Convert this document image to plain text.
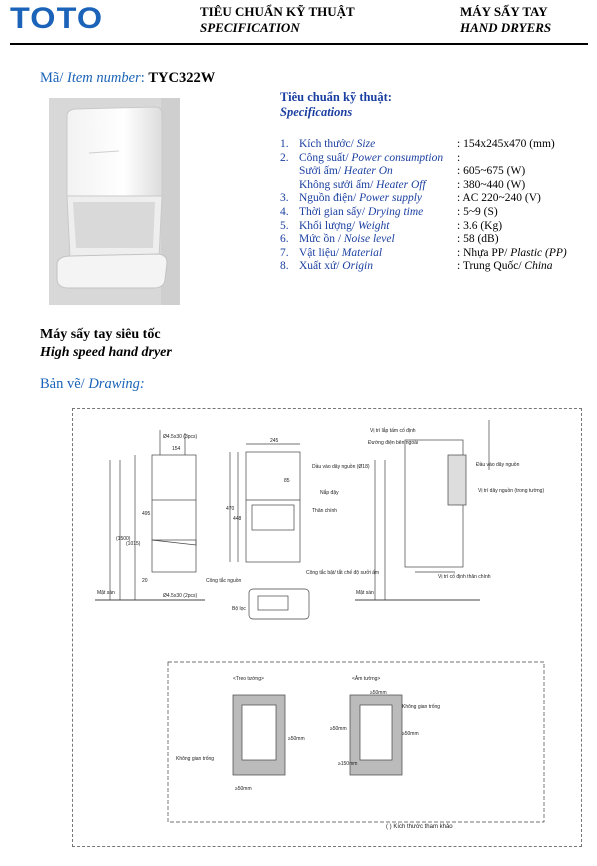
TOTO	TIÊU CHUẨN KỸ THUẬT
SPECIFICATION
MÁY SẤY TAY
HAND DRYERS
Mã/ Item number: TYC322W
Tiêu chuẩn kỹ thuật:
Specifications
1.	Kích thước/ Size	: 154x245x470 (mm)
2.	Công suất/ Power consumption	:
	Sưởi ấm/ Heater On	: 605~675 (W)
	Không sưởi ấm/ Heater Off	: 380~440 (W)
3.	Nguồn điện/ Power supply	: AC 220~240 (V)
4.	Thời gian sấy/ Drying time	: 5~9 (S)
5.	Khối lượng/ Weight	: 3.6 (Kg)
6.	Mức ồn / Noise level	: 58 (dB)
7.	Vật liệu/ Material	: Nhựa PP/ Plastic (PP)
8.	Xuất xứ/ Origin	: Trung Quốc/ China
Máy sấy tay siêu tốc
High speed hand dryer
Bản vẽ/ Drawing:
Ø4.5x30 (3pcs)
Ø4.5x30 (2pcs)
154
245
470
495
(1500)
(1015)
448
85
20
Mặt sàn	Mặt sàn
Dầu vào dây nguồn (Ø18)
Nắp đậy
Thân chính
Công tắc nguồn
Công tắc bật/ tắt chế độ sưởi ấm
Bộ lọc
Vị trí lắp tấm cố định
Đường điện bên ngoài
Đầu vào dây nguồn
Vị trí dây nguồn (trong tường)
Vị trí cố định thân chính
<Treo tường>	<Âm tường>
Không gian trống
Không gian trống
≥50mm
≥50mm
≥50mm
≥50mm
≥50mm
≥150mm
( ) Kích thước tham khảo
